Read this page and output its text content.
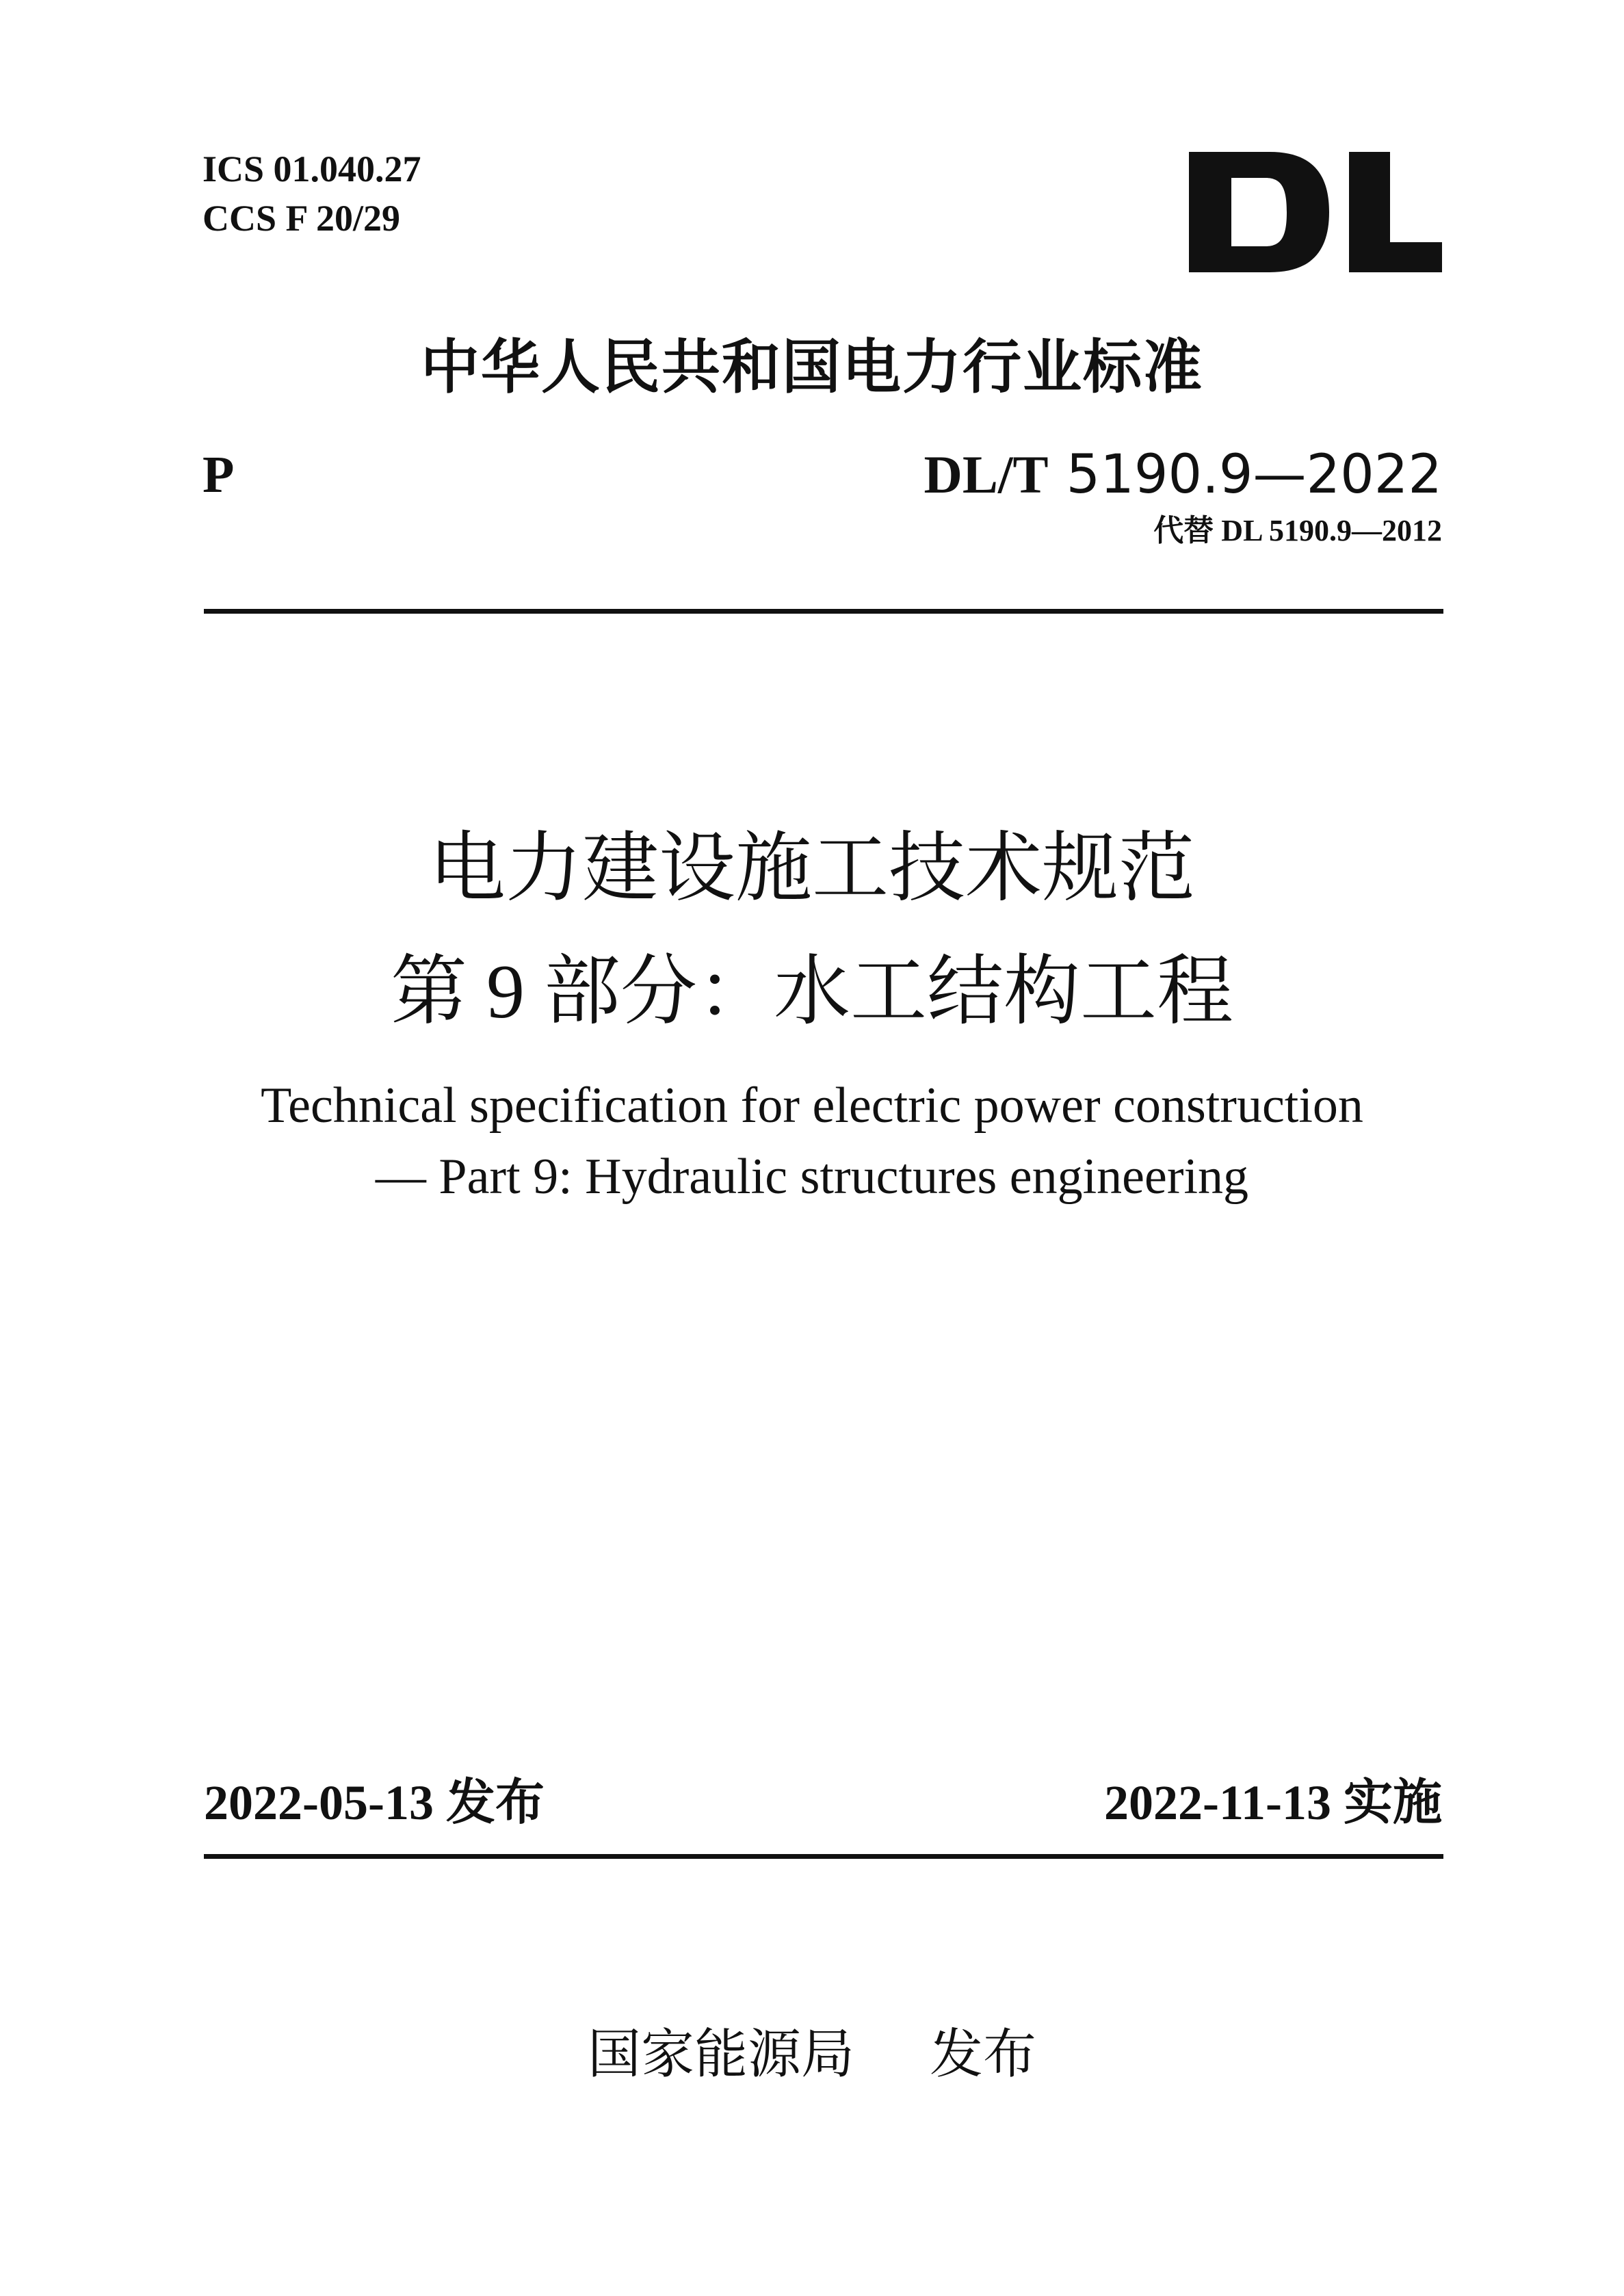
ICS 01.040.27

CCS F 20/29

中华人民共和国电力行业标准

P	DL/T 5190.9—2022
代替 DL 5190.9—2012

电力建设施工技术规范

第 9 部分：水工结构工程

Technical specification for electric power construction

— Part 9: Hydraulic structures engineering

2022-05-13 发布	2022-11-13 实施

国家能源局 发布
